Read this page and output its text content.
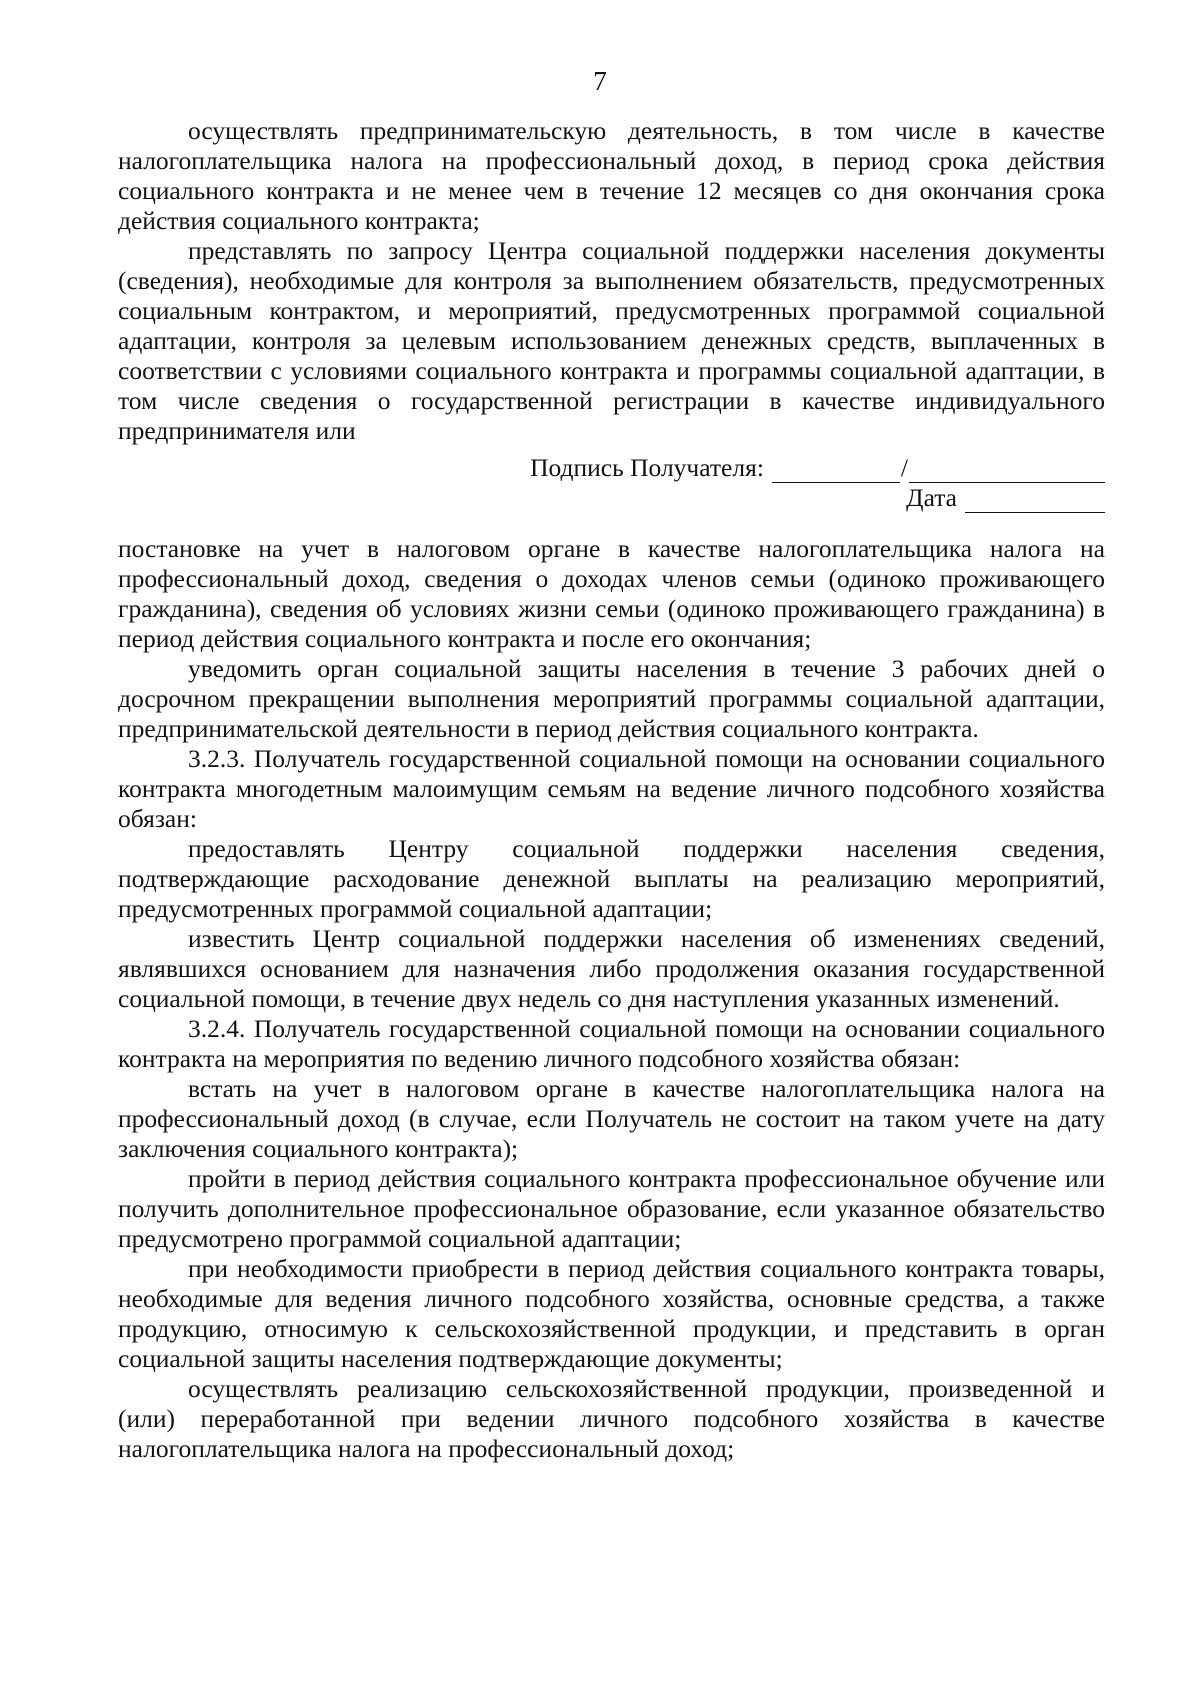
7

осуществлять предпринимательскую деятельность, в том числе в качестве налогоплательщика налога на профессиональный доход, в период срока действия социального контракта и не менее чем в течение 12 месяцев со дня окончания срока действия социального контракта;

представлять по запросу Центра социальной поддержки населения документы (сведения), необходимые для контроля за выполнением обязательств, предусмотренных социальным контрактом, и мероприятий, предусмотренных программой социальной адаптации, контроля за целевым использованием денежных средств, выплаченных в соответствии с условиями социального контракта и программы социальной адаптации, в том числе сведения о государственной регистрации в качестве индивидуального предпринимателя или

Подпись Получателя:	/
Дата

постановке на учет в налоговом органе в качестве налогоплательщика налога на профессиональный доход, сведения о доходах членов семьи (одиноко проживающего гражданина), сведения об условиях жизни семьи (одиноко проживающего гражданина) в период действия социального контракта и после его окончания;

уведомить орган социальной защиты населения в течение 3 рабочих дней о досрочном прекращении выполнения мероприятий программы социальной адаптации, предпринимательской деятельности в период действия социального контракта.

3.2.3. Получатель государственной социальной помощи на основании социального контракта многодетным малоимущим семьям на ведение личного подсобного хозяйства обязан:

предоставлять Центру социальной поддержки населения сведения, подтверждающие расходование денежной выплаты на реализацию мероприятий, предусмотренных программой социальной адаптации;

известить Центр социальной поддержки населения об изменениях сведений, являвшихся основанием для назначения либо продолжения оказания государственной социальной помощи, в течение двух недель со дня наступления указанных изменений.

3.2.4. Получатель государственной социальной помощи на основании социального контракта на мероприятия по ведению личного подсобного хозяйства обязан:

встать на учет в налоговом органе в качестве налогоплательщика налога на профессиональный доход (в случае, если Получатель не состоит на таком учете на дату заключения социального контракта);

пройти в период действия социального контракта профессиональное обучение или получить дополнительное профессиональное образование, если указанное обязательство предусмотрено программой социальной адаптации;

при необходимости приобрести в период действия социального контракта товары, необходимые для ведения личного подсобного хозяйства, основные средства, а также продукцию, относимую к сельскохозяйственной продукции, и представить в орган социальной защиты населения подтверждающие документы;

осуществлять реализацию сельскохозяйственной продукции, произведенной и (или) переработанной при ведении личного подсобного хозяйства в качестве налогоплательщика налога на профессиональный доход;
